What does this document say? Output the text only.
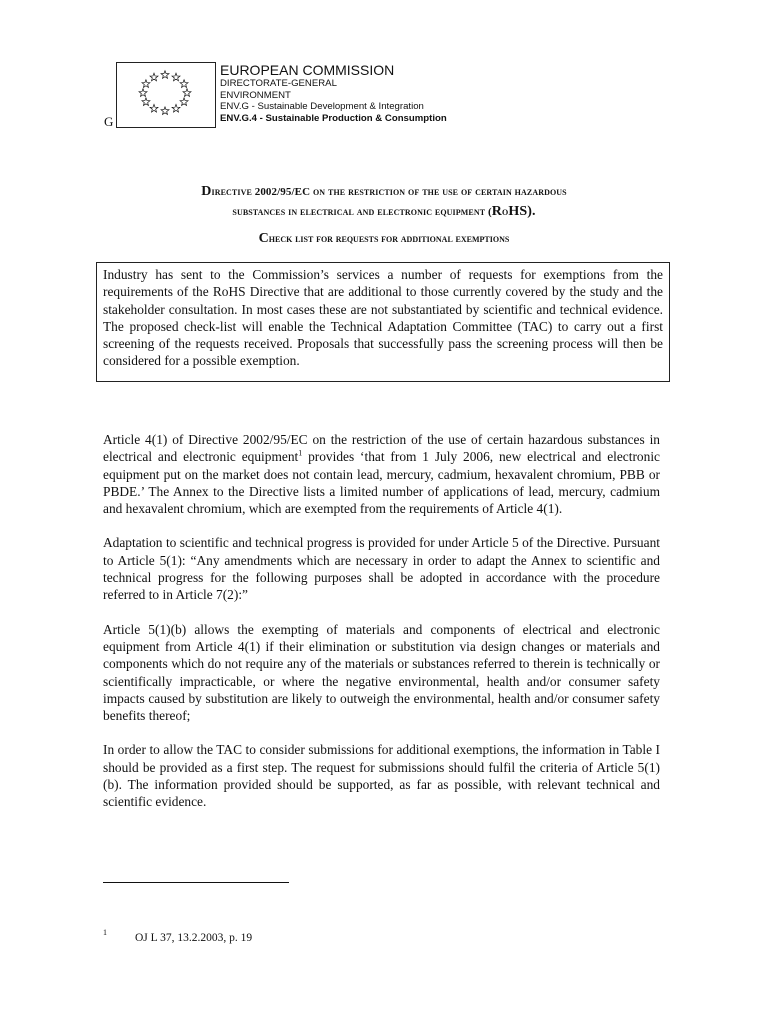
G
EUROPEAN COMMISSION
DIRECTORATE-GENERAL
ENVIRONMENT
ENV.G - Sustainable Development & Integration
ENV.G.4 - Sustainable Production & Consumption
Directive 2002/95/EC on the restriction of the use of certain hazardous
substances in electrical and electronic equipment (RoHS).
Check list for requests for additional exemptions

Industry has sent to the Commission’s services a number of requests for exemptions from the requirements of the RoHS Directive that are additional to those currently covered by the study and the stakeholder consultation. In most cases these are not substantiated by scientific and technical evidence. The proposed check-list will enable the Technical Adaptation Committee (TAC) to carry out a first screening of the requests received. Proposals that successfully pass the screening process will then be considered for a possible exemption.

Article 4(1) of Directive 2002/95/EC on the restriction of the use of certain hazardous substances in electrical and electronic equipment$^1$ provides ‘that from 1 July 2006, new electrical and electronic equipment put on the market does not contain lead, mercury, cadmium, hexavalent chromium, PBB or PBDE.’ The Annex to the Directive lists a limited number of applications of lead, mercury, cadmium and hexavalent chromium, which are exempted from the requirements of Article 4(1).

Adaptation to scientific and technical progress is provided for under Article 5 of the Directive. Pursuant to Article 5(1): “Any amendments which are necessary in order to adapt the Annex to scientific and technical progress for the following purposes shall be adopted in accordance with the procedure referred to in Article 7(2):”

Article 5(1)(b) allows the exempting of materials and components of electrical and electronic equipment from Article 4(1) if their elimination or substitution via design changes or materials and components which do not require any of the materials or substances referred to therein is technically or scientifically impracticable, or where the negative environmental, health and/or consumer safety impacts caused by substitution are likely to outweigh the environmental, health and/or consumer safety benefits thereof;

In order to allow the TAC to consider submissions for additional exemptions, the information in Table I should be provided as a first step. The request for submissions should fulfil the criteria of Article 5(1)(b). The information provided should be supported, as far as possible, with relevant technical and scientific evidence.

1 OJ L 37, 13.2.2003, p. 19
